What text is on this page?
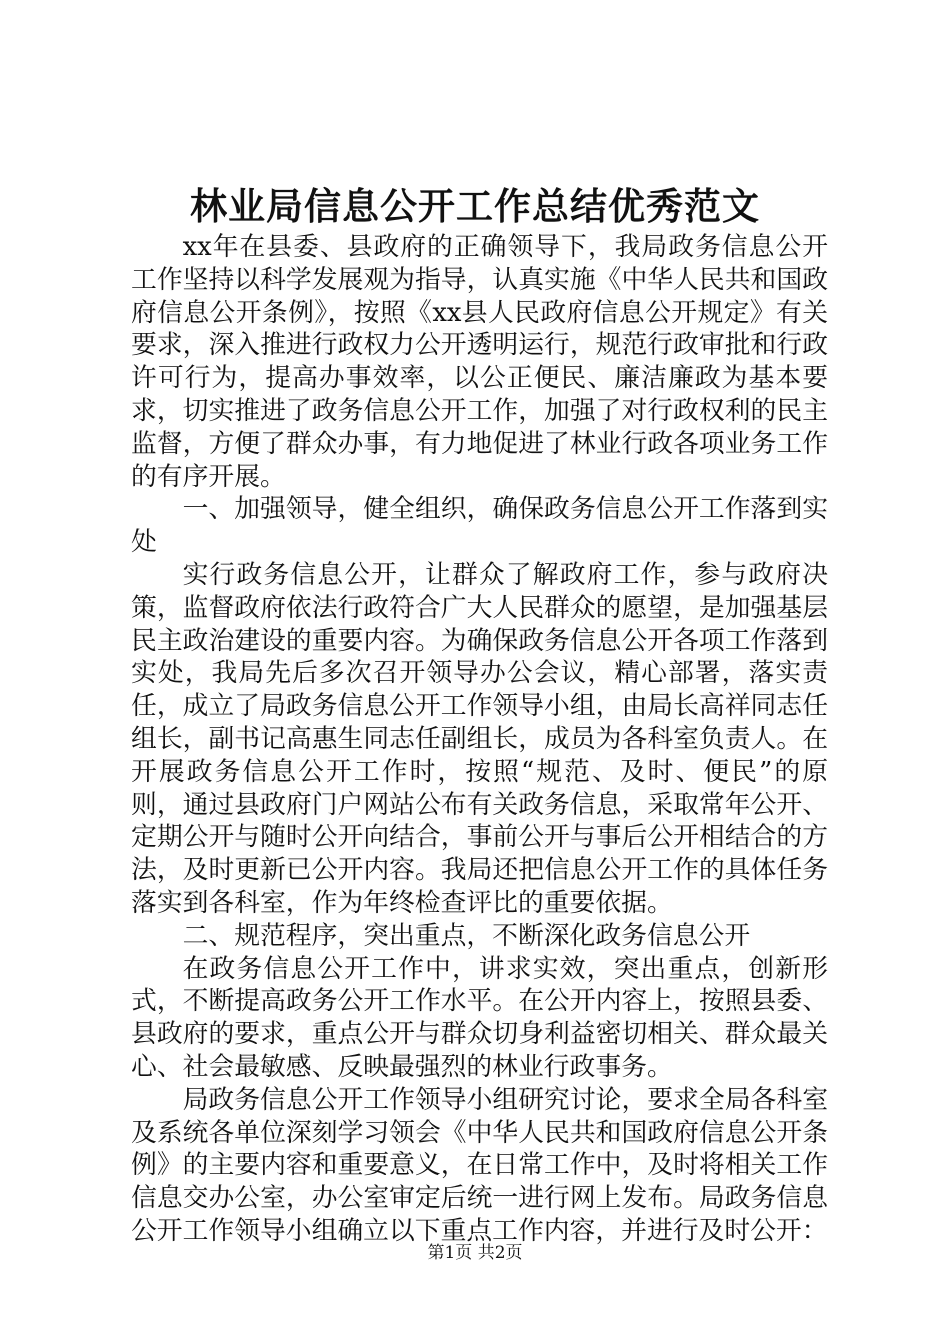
林业局信息公开工作总结优秀范文

xx年在县委、县政府的正确领导下，我局政务信息公开工作坚持以科学发展观为指导，认真实施《中华人民共和国政府信息公开条例》，按照《xx县人民政府信息公开规定》有关要求，深入推进行政权力公开透明运行，规范行政审批和行政许可行为，提高办事效率，以公正便民、廉洁廉政为基本要求，切实推进了政务信息公开工作，加强了对行政权利的民主监督，方便了群众办事，有力地促进了林业行政各项业务工作的有序开展。

一、加强领导，健全组织，确保政务信息公开工作落到实处

实行政务信息公开，让群众了解政府工作，参与政府决策，监督政府依法行政符合广大人民群众的愿望，是加强基层民主政治建设的重要内容。为确保政务信息公开各项工作落到实处，我局先后多次召开领导办公会议，精心部署，落实责任，成立了局政务信息公开工作领导小组，由局长高祥同志任组长，副书记高惠生同志任副组长，成员为各科室负责人。在开展政务信息公开工作时，按照“规范、及时、便民”的原则，通过县政府门户网站公布有关政务信息，采取常年公开、定期公开与随时公开向结合，事前公开与事后公开相结合的方法，及时更新已公开内容。我局还把信息公开工作的具体任务落实到各科室，作为年终检查评比的重要依据。

二、规范程序，突出重点，不断深化政务信息公开

在政务信息公开工作中，讲求实效，突出重点，创新形式，不断提高政务公开工作水平。在公开内容上，按照县委、县政府的要求，重点公开与群众切身利益密切相关、群众最关心、社会最敏感、反映最强烈的林业行政事务。

局政务信息公开工作领导小组研究讨论，要求全局各科室及系统各单位深刻学习领会《中华人民共和国政府信息公开条例》的主要内容和重要意义，在日常工作中，及时将相关工作信息交办公室，办公室审定后统一进行网上发布。局政务信息公开工作领导小组确立以下重点工作内容，并进行及时公开：

第1页 共2页
